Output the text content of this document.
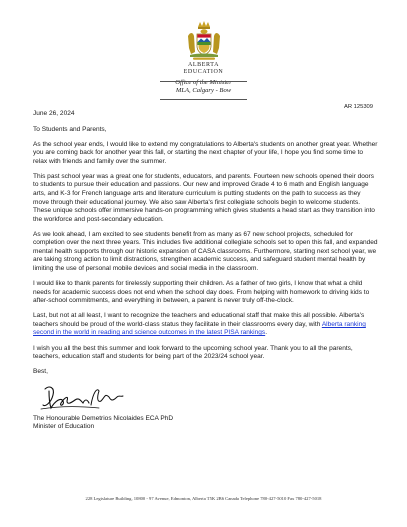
ALBERTA
EDUCATION
Office of the Minister
MLA, Calgary - Bow
AR 125309

June 26, 2024

To Students and Parents,

As the school year ends, I would like to extend my congratulations to Alberta's students on another great year. Whether you are coming back for another year this fall, or starting the next chapter of your life, I hope you find some time to relax with friends and family over the summer.

This past school year was a great one for students, educators, and parents. Fourteen new schools opened their doors to students to pursue their education and passions. Our new and improved Grade 4 to 6 math and English language arts, and K-3 for French language arts and literature curriculum is putting students on the path to success as they move through their educational journey. We also saw Alberta's first collegiate schools begin to welcome students. These unique schools offer immersive hands-on programming which gives students a head start as they transition into the workforce and post-secondary education.

As we look ahead, I am excited to see students benefit from as many as 67 new school projects, scheduled for completion over the next three years. This includes five additional collegiate schools set to open this fall, and expanded mental health supports through our historic expansion of CASA classrooms. Furthermore, starting next school year, we are taking strong action to limit distractions, strengthen academic success, and safeguard student mental health by limiting the use of personal mobile devices and social media in the classroom.

I would like to thank parents for tirelessly supporting their children. As a father of two girls, I know that what a child needs for academic success does not end when the school day does. From helping with homework to driving kids to after-school commitments, and everything in between, a parent is never truly off-the-clock.

Last, but not at all least, I want to recognize the teachers and educational staff that make this all possible. Alberta's teachers should be proud of the world-class status they facilitate in their classrooms every day, with Alberta ranking second in the world in reading and science outcomes in the latest PISA rankings.

I wish you all the best this summer and look forward to the upcoming school year. Thank you to all the parents, teachers, education staff and students for being part of the 2023/24 school year.

Best,

The Honourable Demetrios Nicolaides ECA PhD
Minister of Education
228 Legislature Building, 10800 - 97 Avenue, Edmonton, Alberta T5K 2B6 Canada Telephone 780-427-5010 Fax 780-427-5018
